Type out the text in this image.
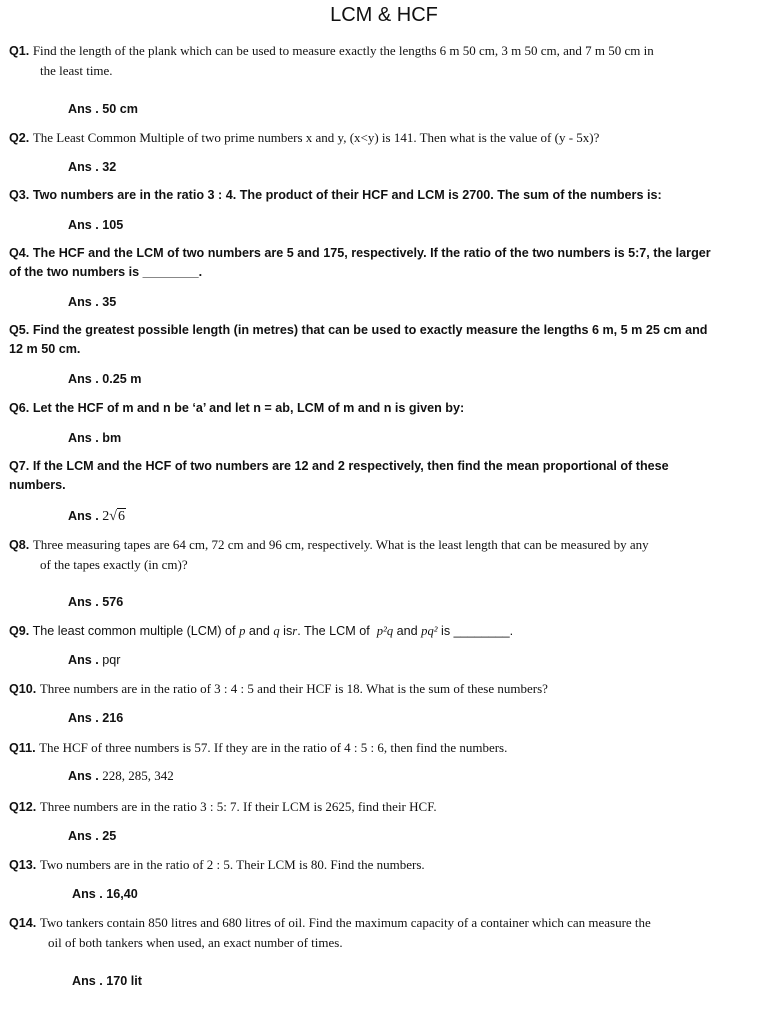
LCM & HCF
Q1. Find the length of the plank which can be used to measure exactly the lengths 6 m 50 cm, 3 m 50 cm, and 7 m 50 cm in
the least time.
Ans . 50 cm
Q2. The Least Common Multiple of two prime numbers x and y, (x<y) is 141. Then what is the value of (y - 5x)?
Ans . 32
Q3. Two numbers are in the ratio 3 : 4. The product of their HCF and LCM is 2700. The sum of the numbers is:
Ans . 105
Q4. The HCF and the LCM of two numbers are 5 and 175, respectively. If the ratio of the two numbers is 5:7, the larger
of the two numbers is ________.
Ans . 35
Q5. Find the greatest possible length (in metres) that can be used to exactly measure the lengths 6 m, 5 m 25 cm and
12 m 50 cm.
Ans . 0.25 m
Q6. Let the HCF of m and n be ‘a’ and let n = ab, LCM of m and n is given by:
Ans . bm
Q7. If the LCM and the HCF of two numbers are 12 and 2 respectively, then find the mean proportional of these
numbers.
Ans . 2√6
Q8. Three measuring tapes are 64 cm, 72 cm and 96 cm, respectively. What is the least length that can be measured by any
of the tapes exactly (in cm)?
Ans . 576
Q9. The least common multiple (LCM) of p and q isr. The LCM of p²q and pq² is ________.
Ans . pqr
Q10. Three numbers are in the ratio of 3 : 4 : 5 and their HCF is 18. What is the sum of these numbers?
Ans . 216
Q11. The HCF of three numbers is 57. If they are in the ratio of 4 : 5 : 6, then find the numbers.
Ans . 228, 285, 342
Q12. Three numbers are in the ratio 3 : 5: 7. If their LCM is 2625, find their HCF.
Ans . 25
Q13. Two numbers are in the ratio of 2 : 5. Their LCM is 80. Find the numbers.
Ans . 16,40
Q14. Two tankers contain 850 litres and 680 litres of oil. Find the maximum capacity of a container which can measure the
oil of both tankers when used, an exact number of times.
Ans . 170 lit
